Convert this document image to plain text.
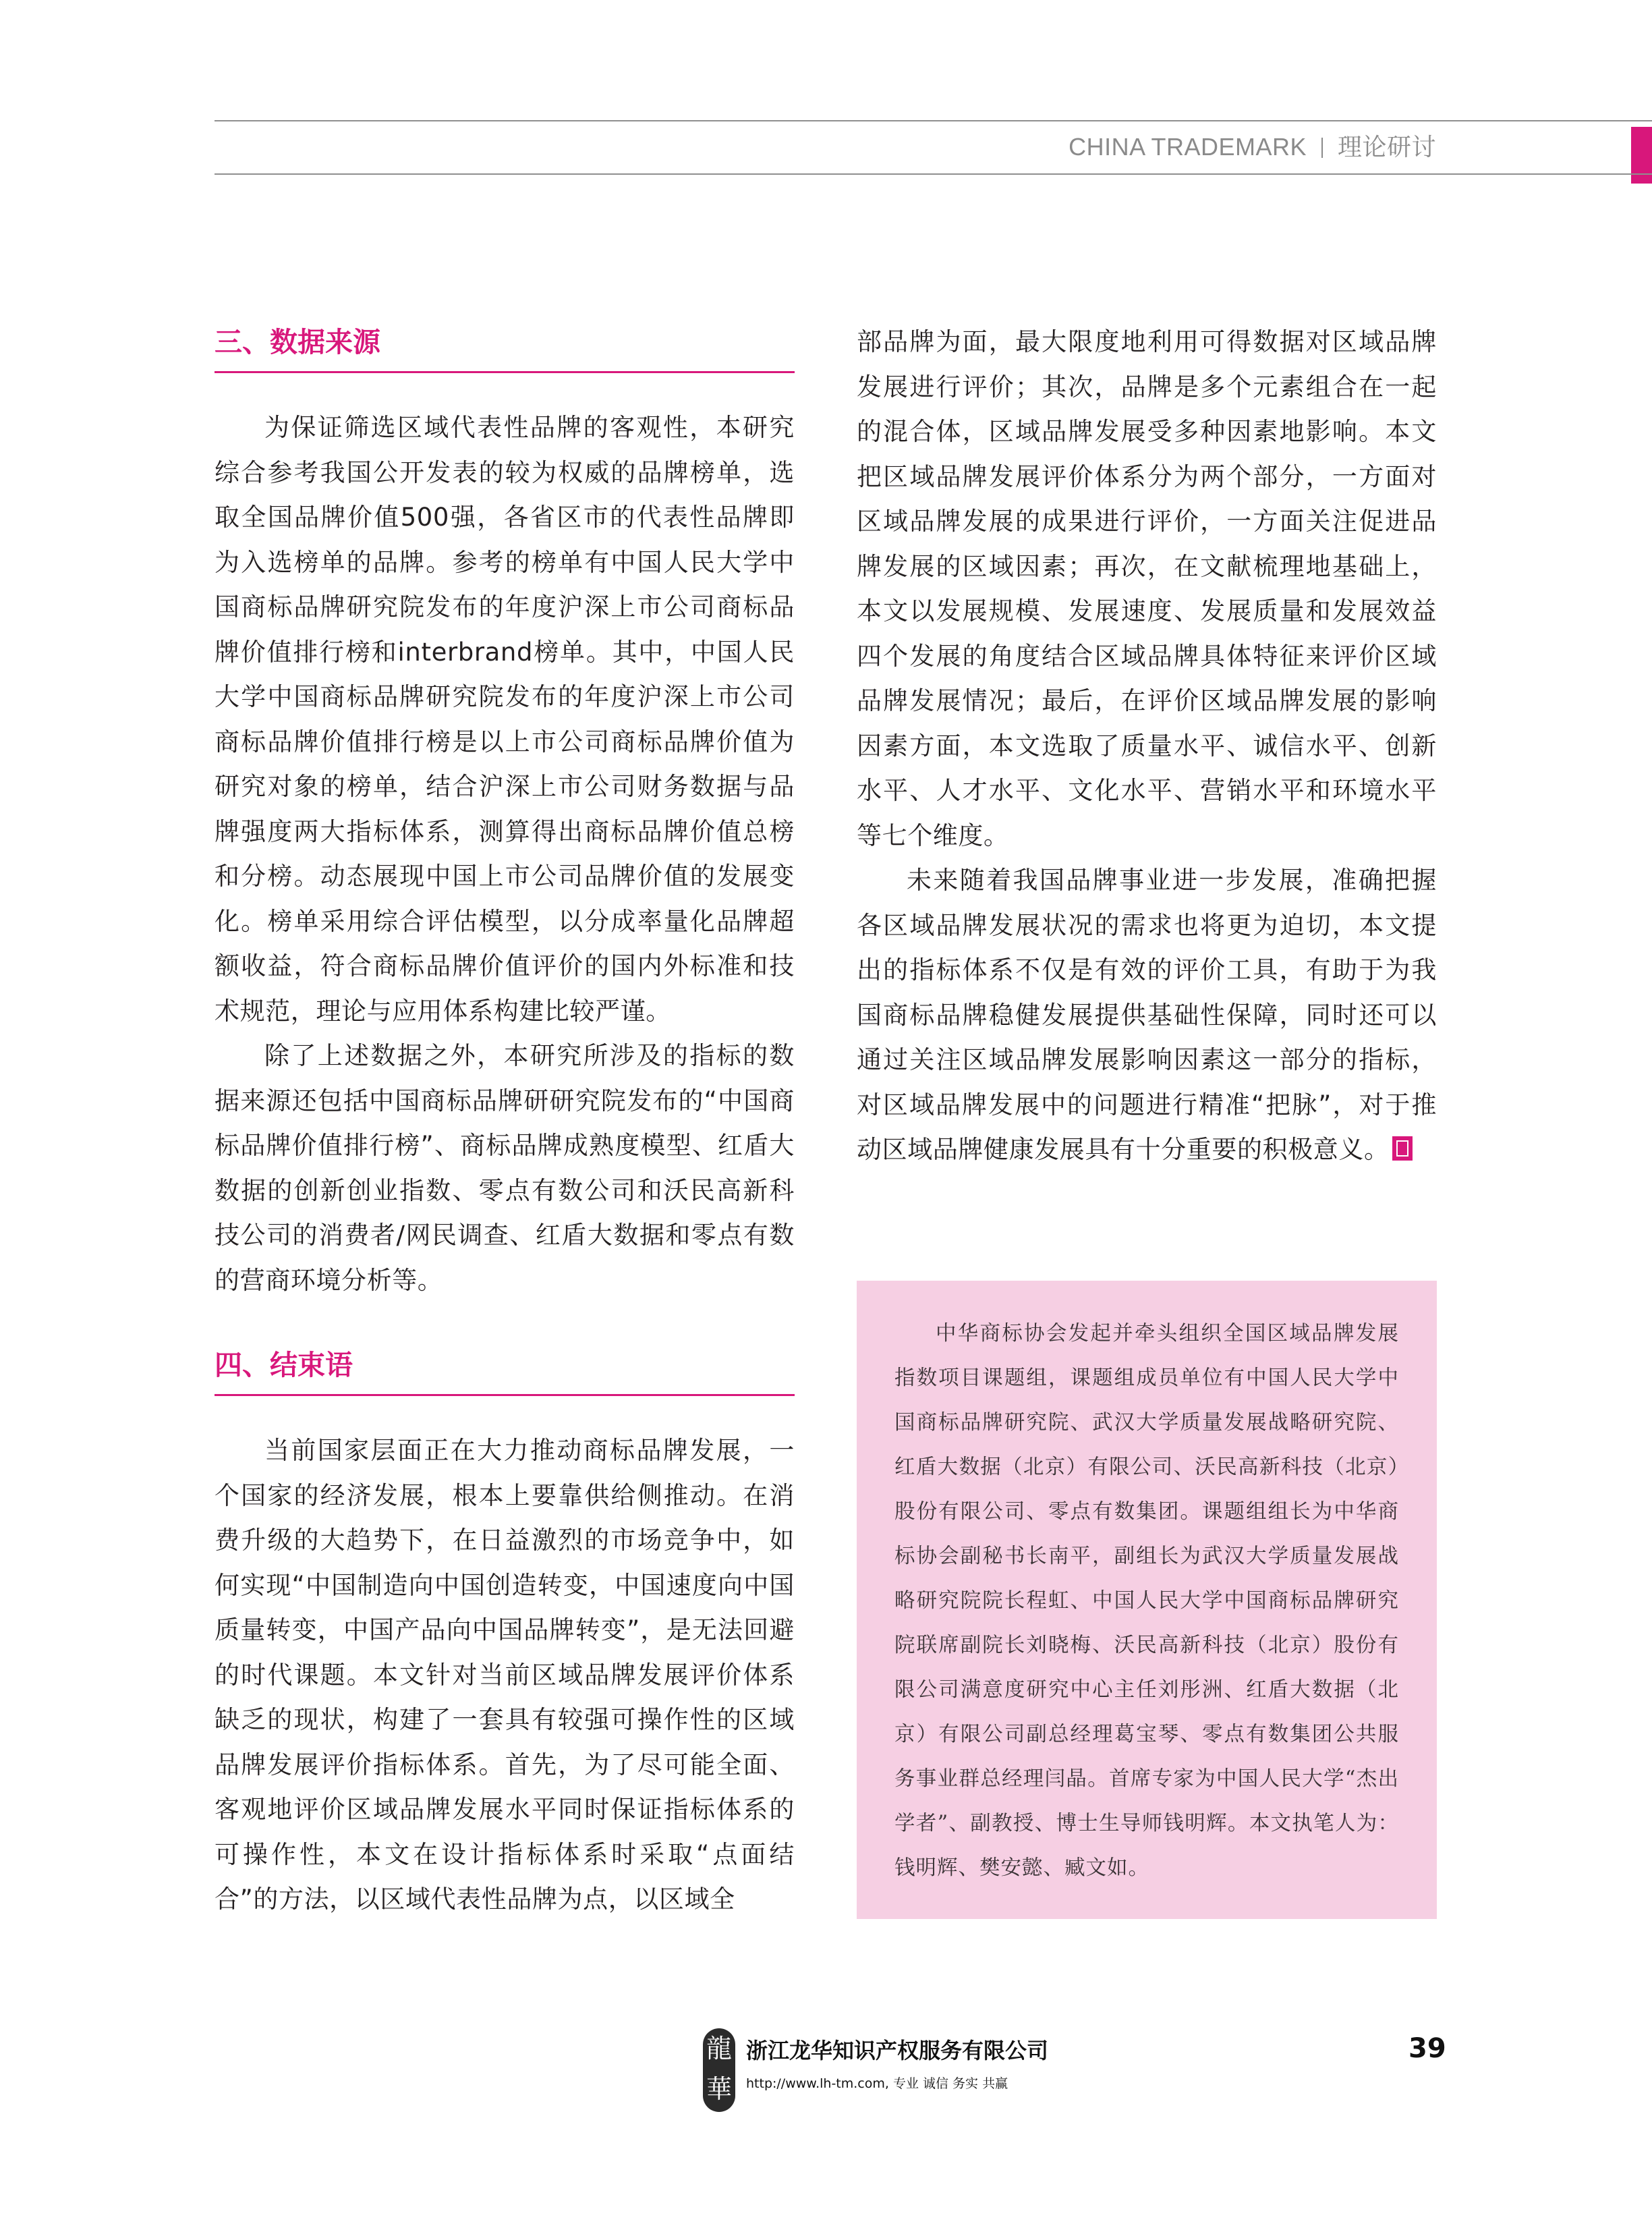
CHINA TRADEMARK 理论研讨
三、数据来源

为保证筛选区域代表性品牌的客观性，本研究综合参考我国公开发表的较为权威的品牌榜单，选取全国品牌价值500强，各省区市的代表性品牌即为入选榜单的品牌。参考的榜单有中国人民大学中国商标品牌研究院发布的年度沪深上市公司商标品牌价值排行榜和interbrand榜单。其中，中国人民大学中国商标品牌研究院发布的年度沪深上市公司商标品牌价值排行榜是以上市公司商标品牌价值为研究对象的榜单，结合沪深上市公司财务数据与品牌强度两大指标体系，测算得出商标品牌价值总榜和分榜。动态展现中国上市公司品牌价值的发展变化。榜单采用综合评估模型，以分成率量化品牌超额收益，符合商标品牌价值评价的国内外标准和技术规范，理论与应用体系构建比较严谨。

除了上述数据之外，本研究所涉及的指标的数据来源还包括中国商标品牌研研究院发布的“中国商标品牌价值排行榜”、商标品牌成熟度模型、红盾大数据的创新创业指数、零点有数公司和沃民高新科技公司的消费者/网民调查、红盾大数据和零点有数的营商环境分析等。

四、结束语

当前国家层面正在大力推动商标品牌发展，一个国家的经济发展，根本上要靠供给侧推动。在消费升级的大趋势下，在日益激烈的市场竞争中，如何实现“中国制造向中国创造转变，中国速度向中国质量转变，中国产品向中国品牌转变”，是无法回避的时代课题。本文针对当前区域品牌发展评价体系缺乏的现状，构建了一套具有较强可操作性的区域品牌发展评价指标体系。首先，为了尽可能全面、客观地评价区域品牌发展水平同时保证指标体系的可操作性，本文在设计指标体系时采取“点面结合”的方法，以区域代表性品牌为点，以区域全

部品牌为面，最大限度地利用可得数据对区域品牌发展进行评价；其次，品牌是多个元素组合在一起的混合体，区域品牌发展受多种因素地影响。本文把区域品牌发展评价体系分为两个部分，一方面对区域品牌发展的成果进行评价，一方面关注促进品牌发展的区域因素；再次，在文献梳理地基础上，本文以发展规模、发展速度、发展质量和发展效益四个发展的角度结合区域品牌具体特征来评价区域品牌发展情况；最后，在评价区域品牌发展的影响因素方面，本文选取了质量水平、诚信水平、创新水平、人才水平、文化水平、营销水平和环境水平等七个维度。

未来随着我国品牌事业进一步发展，准确把握各区域品牌发展状况的需求也将更为迫切，本文提出的指标体系不仅是有效的评价工具，有助于为我国商标品牌稳健发展提供基础性保障，同时还可以通过关注区域品牌发展影响因素这一部分的指标，对区域品牌发展中的问题进行精准“把脉”，对于推动区域品牌健康发展具有十分重要的积极意义。

中华商标协会发起并牵头组织全国区域品牌发展指数项目课题组，课题组成员单位有中国人民大学中国商标品牌研究院、武汉大学质量发展战略研究院、红盾大数据（北京）有限公司、沃民高新科技（北京）股份有限公司、零点有数集团。课题组组长为中华商标协会副秘书长南平，副组长为武汉大学质量发展战略研究院院长程虹、中国人民大学中国商标品牌研究院联席副院长刘晓梅、沃民高新科技（北京）股份有限公司满意度研究中心主任刘彤洲、红盾大数据（北京）有限公司副总经理葛宝琴、零点有数集团公共服务事业群总经理闫晶。首席专家为中国人民大学“杰出学者”、副教授、博士生导师钱明辉。本文执笔人为：钱明辉、樊安懿、臧文如。

龍華
浙江龙华知识产权服务有限公司
http://www.lh-tm.com, 专业 诚信 务实 共赢
39
